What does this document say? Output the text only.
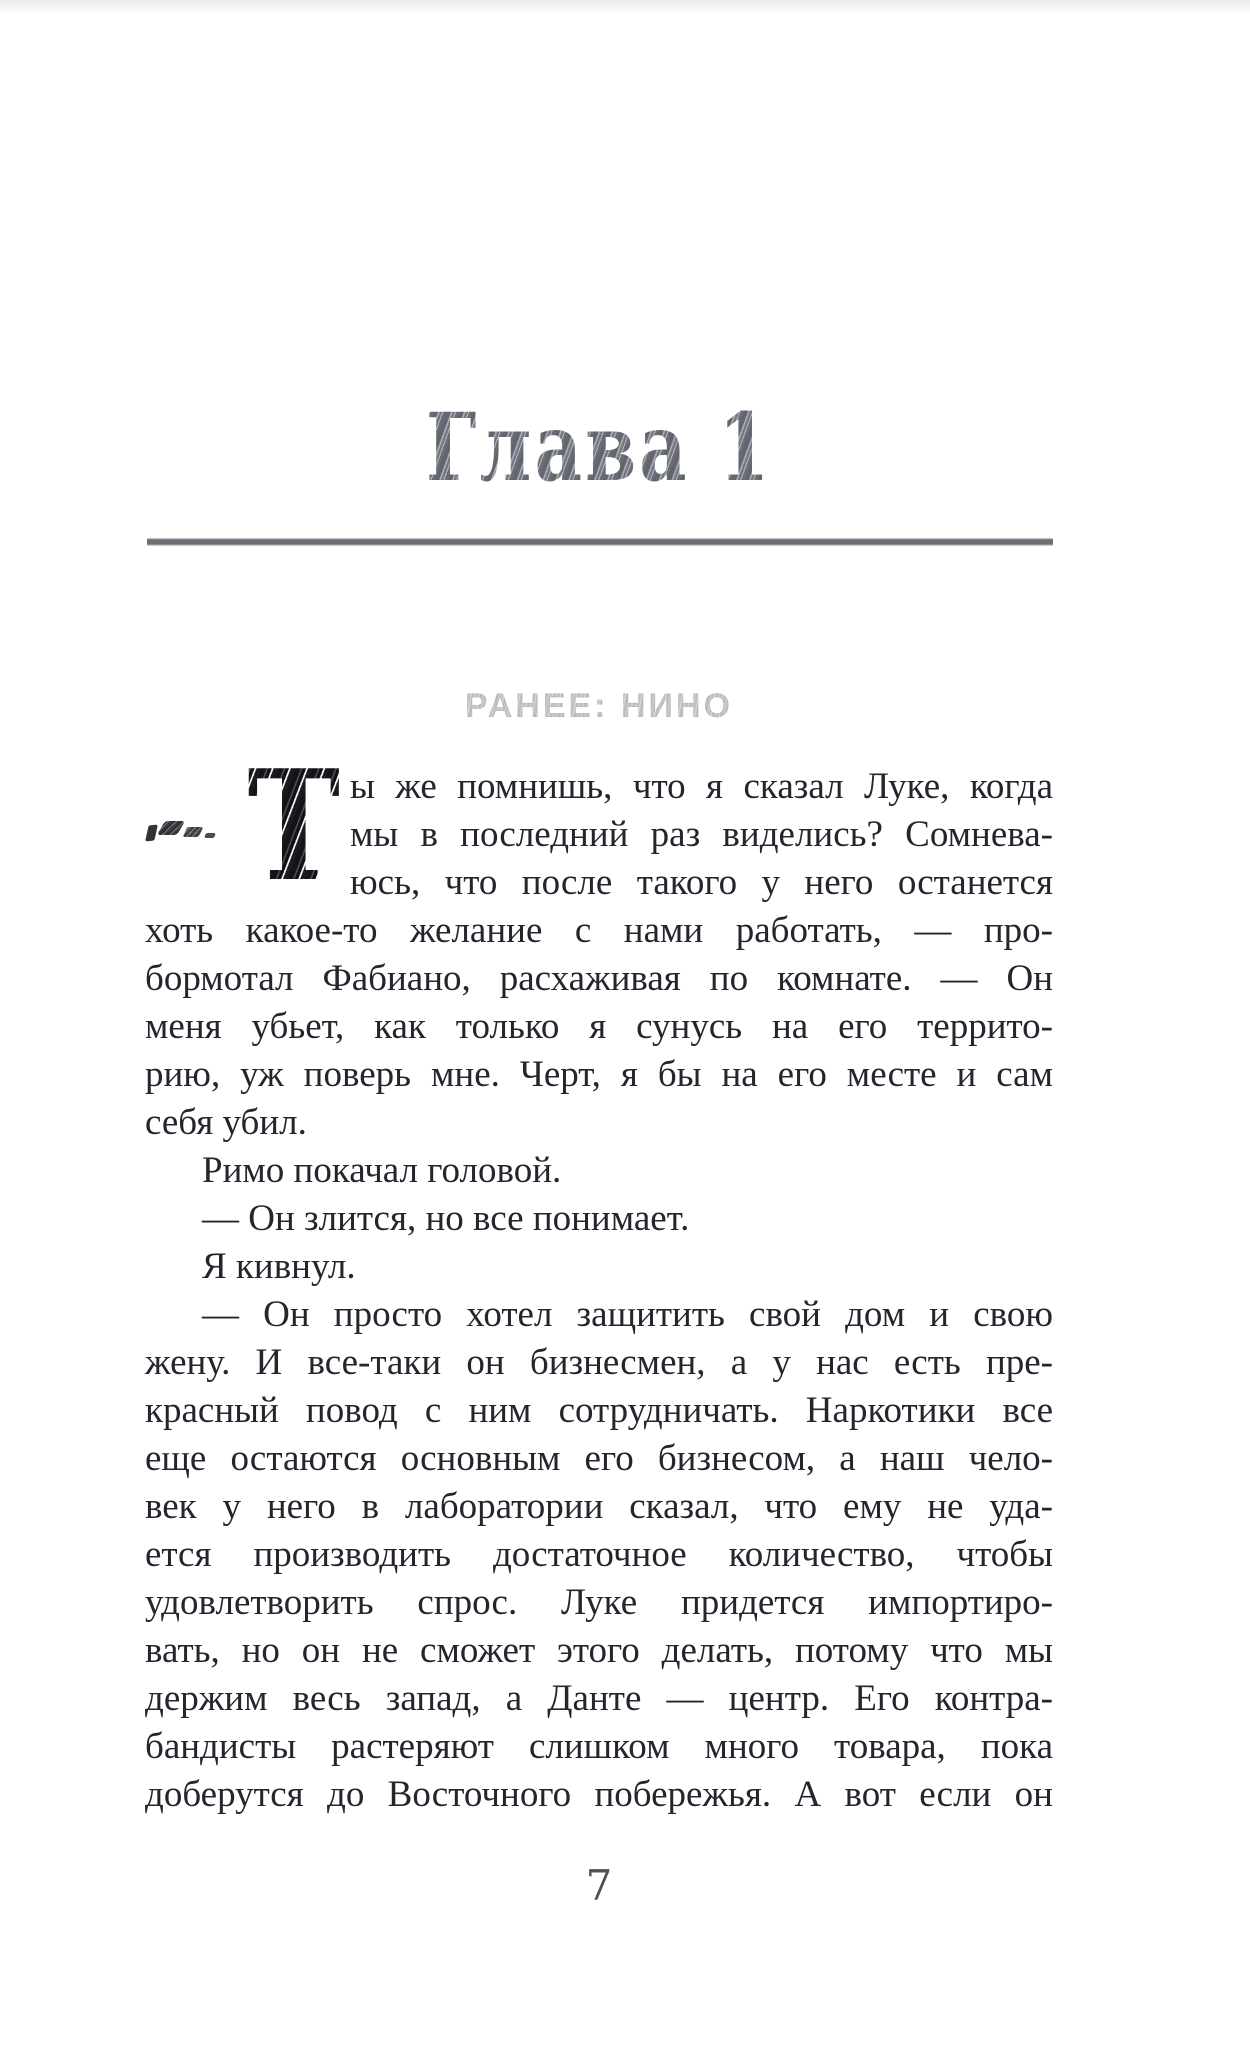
Глава 1
РАНЕЕ: НИНО
Т ы же помнишь, что я сказал Луке, когда
мы в последний раз виделись? Сомнева-
юсь, что после такого у него останется
хоть какое-то желание с нами работать, — про-
бормотал Фабиано, расхаживая по комнате. — Он
меня убьет, как только я сунусь на его террито-
рию, уж поверь мне. Черт, я бы на его месте и сам
себя убил.
Римо покачал головой.
— Он злится, но все понимает.
Я кивнул.
— Он просто хотел защитить свой дом и свою
жену. И все-таки он бизнесмен, а у нас есть пре-
красный повод с ним сотрудничать. Наркотики все
еще остаются основным его бизнесом, а наш чело-
век у него в лаборатории сказал, что ему не уда-
ется производить достаточное количество, чтобы
удовлетворить спрос. Луке придется импортиро-
вать, но он не сможет этого делать, потому что мы
держим весь запад, а Данте — центр. Его контра-
бандисты растеряют слишком много товара, пока
доберутся до Восточного побережья. А вот если он
7
